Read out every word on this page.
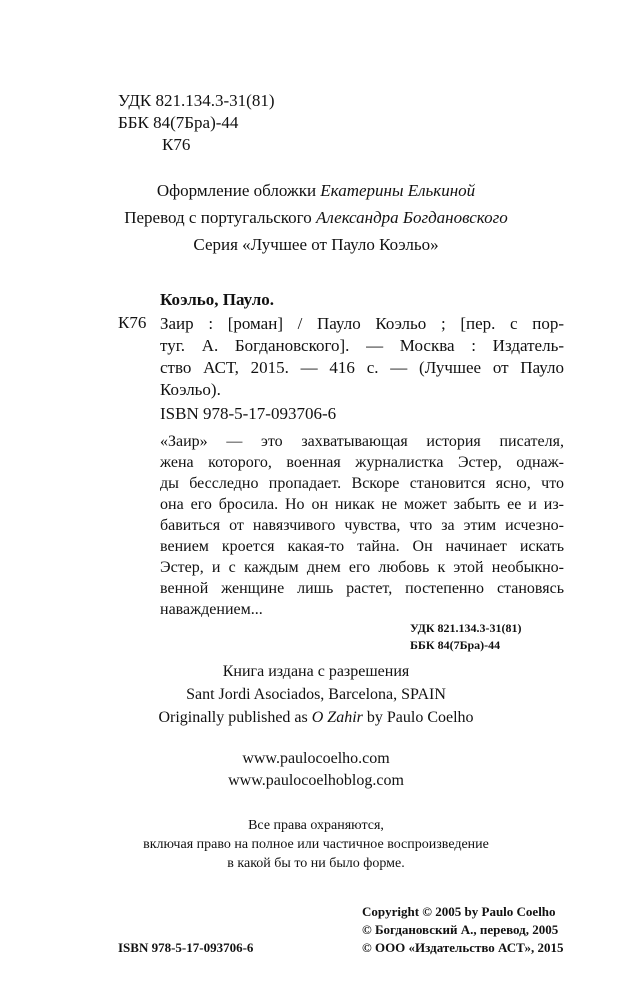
УДК 821.134.3-31(81)
ББК 84(7Бра)-44
К76
Оформление обложки Екатерины Елькиной
Перевод с португальского Александра Богдановского
Серия «Лучшее от Пауло Коэльо»
Коэльо, Пауло.
К76 Заир : [роман] / Пауло Коэльо ; [пер. с пор-
туг. А. Богдановского]. — Москва : Издатель-
ство АСТ, 2015. — 416 с. — (Лучшее от Пауло
Коэльо).
ISBN 978-5-17-093706-6
«Заир» — это захватывающая история писателя,
жена которого, военная журналистка Эстер, однаж-
ды бесследно пропадает. Вскоре становится ясно, что
она его бросила. Но он никак не может забыть ее и из-
бавиться от навязчивого чувства, что за этим исчезно-
вением кроется какая-то тайна. Он начинает искать
Эстер, и с каждым днем его любовь к этой необыкно-
венной женщине лишь растет, постепенно становясь
наваждением...
УДК 821.134.3-31(81)
ББК 84(7Бра)-44
Книга издана с разрешения
Sant Jordi Asociados, Barcelona, SPAIN
Originally published as O Zahir by Paulo Coelho
www.paulocoelho.com
www.paulocoelhoblog.com
Все права охраняются,
включая право на полное или частичное воспроизведение
в какой бы то ни было форме.
Copyright © 2005 by Paulo Coelho
© Богдановский А., перевод, 2005
© ООО «Издательство АСТ», 2015
ISBN 978-5-17-093706-6
